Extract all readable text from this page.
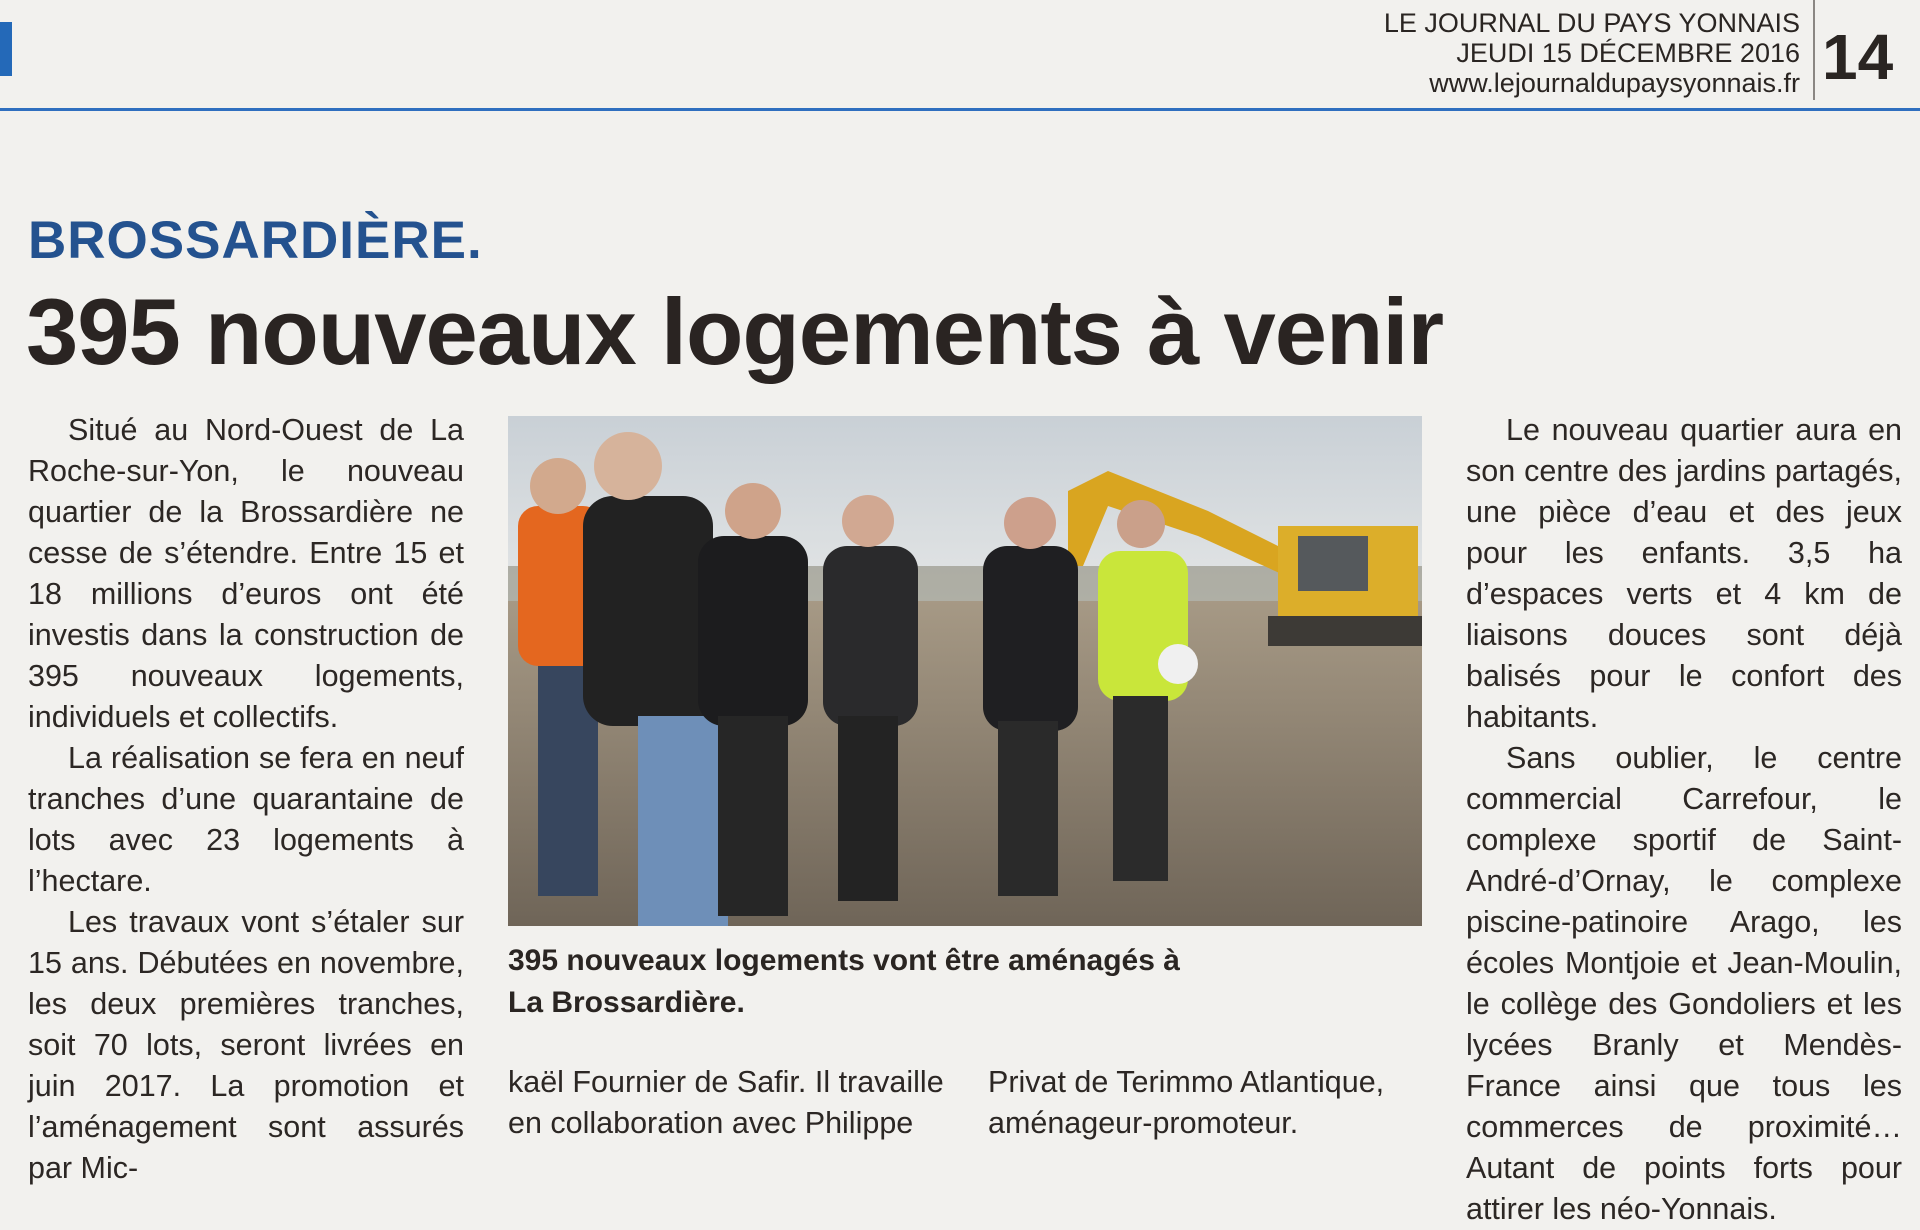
LE JOURNAL DU PAYS YONNAIS
JEUDI 15 DÉCEMBRE 2016
www.lejournaldupaysyonnais.fr 14
BROSSARDIÈRE.
395 nouveaux logements à venir

Situé au Nord-Ouest de La Roche-sur-Yon, le nouveau quartier de la Brossardière ne cesse de s’étendre. Entre 15 et 18 millions d’euros ont été investis dans la construction de 395 nouveaux logements, individuels et collectifs.

La réalisation se fera en neuf tranches d’une quarantaine de lots avec 23 logements à l’hectare.

Les travaux vont s’étaler sur 15 ans. Débutées en novembre, les deux premières tranches, soit 70 lots, seront livrées en juin 2017. La promotion et l’aménagement sont assurés par Mic-

395 nouveaux logements vont être aménagés à
La Brossardière.

kaël Fournier de Safir. Il travaille en collaboration avec Philippe

Privat de Terimmo Atlantique, aménageur-promoteur.

Le nouveau quartier aura en son centre des jardins partagés, une pièce d’eau et des jeux pour les enfants. 3,5 ha d’espaces verts et 4 km de liaisons douces sont déjà balisés pour le confort des habitants.

Sans oublier, le centre commercial Carrefour, le complexe sportif de Saint-André-d’Ornay, le complexe piscine-patinoire Arago, les écoles Montjoie et Jean-Moulin, le collège des Gondoliers et les lycées Branly et Mendès-France ainsi que tous les commerces de proximité… Autant de points forts pour attirer les néo-Yonnais.
